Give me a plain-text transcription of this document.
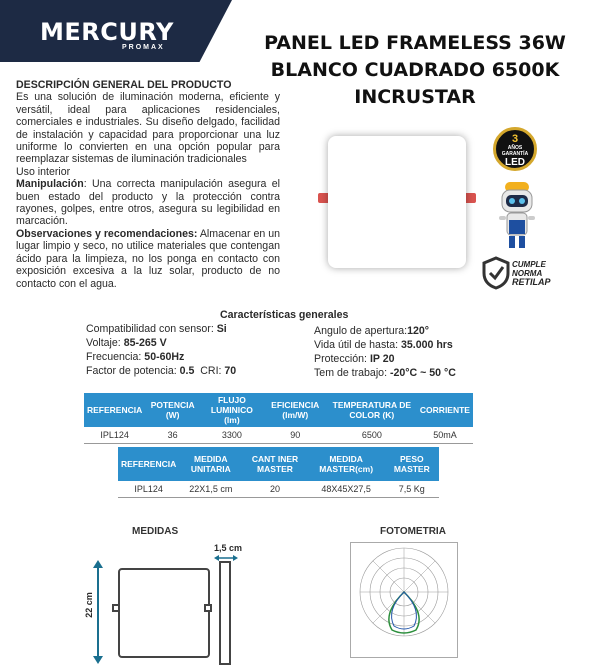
MERCURY
PROMAX	PANEL LED FRAMELESS 36W
BLANCO CUADRADO 6500K
INCRUSTAR
DESCRIPCIÓN GENERAL DEL PRODUCTO

Es una solución de iluminación moderna, eficiente y versátil, ideal para aplicaciones residenciales, comerciales e industriales. Su diseño delgado, facilidad de instalación y capacidad para proporcionar una luz uniforme lo convierten en una opción popular para reemplazar sistemas de iluminación tradicionales

Uso interior

Manipulación: Una correcta manipulación asegura el buen estado del producto y la protección contra rayones, golpes, entre otros, asegura su legibilidad en marcación.

Observaciones y recomendaciones: Almacenar en un lugar limpio y seco, no utilice materiales que contengan ácido para la limpieza, no los ponga en contacto con exposición excesiva a la luz solar, producto de no contacto con el agua.

3
AÑOS GARANTÍA
LED
CUMPLE
NORMA
RETILAP
Características generales
Compatibilidad con sensor: Si
Voltaje: 85-265 V
Frecuencia: 50-60Hz
Factor de potencia: 0.5  CRI: 70
Angulo de apertura:120°
Vida útil de hasta: 35.000 hrs
Protección: IP 20
Tem de trabajo: -20°C ~ 50 °C
REFERENCIA	POTENCIA (W)	FLUJO LUMINICO (lm)	EFICIENCIA (lm/W)	TEMPERATURA DE COLOR (K)	CORRIENTE
IPL124	36	3300	90	6500	50mA
REFERENCIA	MEDIDA UNITARIA	CANT INER MASTER	MEDIDA MASTER(cm)	PESO MASTER
IPL124	22X1,5 cm	20	48X45X27,5	7,5 Kg
MEDIDAS	FOTOMETRIA
22 cm
1,5 cm
